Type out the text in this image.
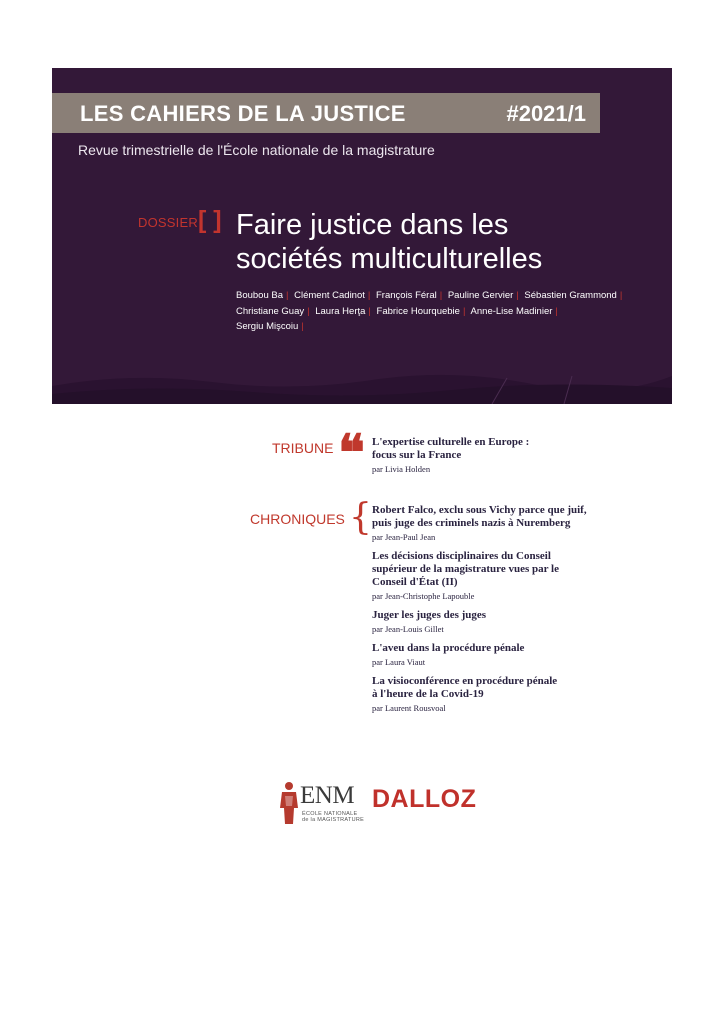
LES CAHIERS DE LA JUSTICE	#2021/1
Revue trimestrielle de l'École nationale de la magistrature
DOSSIER [ ] Faire justice dans les
sociétés multiculturelles
Boubou Ba | Clément Cadinot | François Féral | Pauline Gervier | Sébastien Grammond |
Christiane Guay | Laura Herţa | Fabrice Hourquebie | Anne-Lise Madinier |
Sergiu Mişcoiu |
TRIBUNE ❝ L'expertise culturelle en Europe :
focus sur la France
par Livia Holden
CHRONIQUES { Robert Falco, exclu sous Vichy parce que juif,
puis juge des criminels nazis à Nuremberg
par Jean-Paul Jean
Les décisions disciplinaires du Conseil
supérieur de la magistrature vues par le
Conseil d'État (II)
par Jean-Christophe Lapouble
Juger les juges des juges
par Jean-Louis Gillet
L'aveu dans la procédure pénale
par Laura Viaut
La visioconférence en procédure pénale
à l'heure de la Covid-19
par Laurent Rousvoal
ENM
ÉCOLE NATIONALE
de la MAGISTRATURE
DALLOZ
